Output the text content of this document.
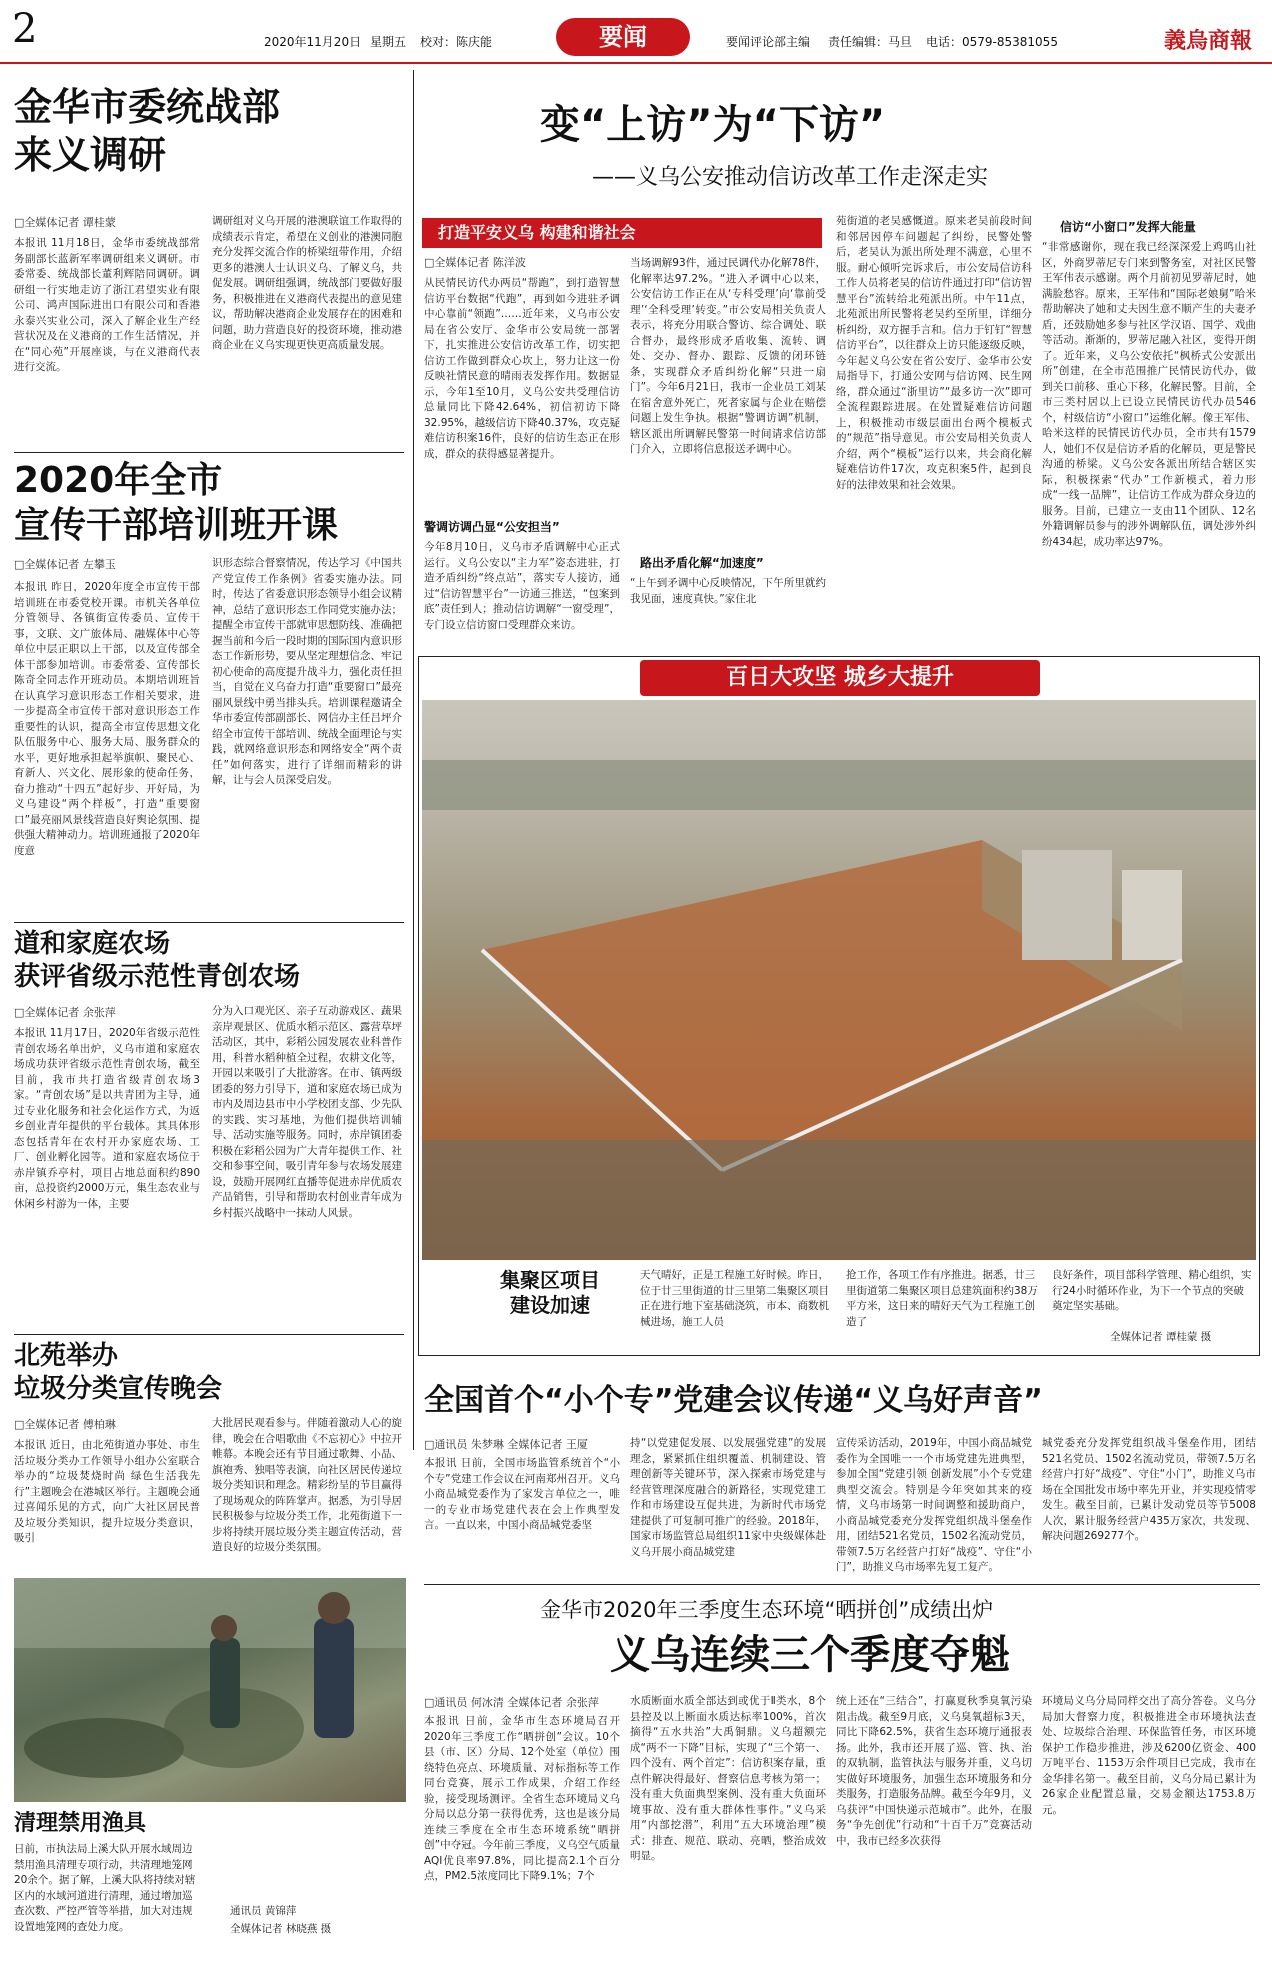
2	2020年11月20日 星期五 校对：陈庆能	要闻	要闻评论部主编 责任编辑：马旦 电话：0579-85381055	義烏商報
金华市委统战部
来义调研
□全媒体记者 谭桂蒙
本报讯 11月18日，金华市委统战部常务副部长蓝新军率调研组来义调研。市委常委、统战部长董利辉陪同调研。调研组一行实地走访了浙江君望实业有限公司、鸿声国际进出口有限公司和香港永泰兴实业公司，深入了解企业生产经营状况及在义港商的工作生活情况，并在“同心苑”开展座谈，与在义港商代表进行交流。
调研组对义乌开展的港澳联谊工作取得的成绩表示肯定，希望在义创业的港澳同胞充分发挥交流合作的桥梁纽带作用，介绍更多的港澳人士认识义乌、了解义乌，共促发展。调研组强调，统战部门要做好服务，积极推进在义港商代表提出的意见建议，帮助解决港商企业发展存在的困难和问题，助力营造良好的投资环境，推动港商企业在义乌实现更快更高质量发展。
2020年全市
宣传干部培训班开课
□全媒体记者 左攀玉
本报讯 昨日，2020年度全市宣传干部培训班在市委党校开课。市机关各单位分管领导、各镇街宣传委员、宣传干事，文联、文广旅体局、融媒体中心等单位中层正职以上干部，以及宣传部全体干部参加培训。市委常委、宣传部长陈奇全同志作开班动员。本期培训班旨在认真学习意识形态工作相关要求，进一步提高全市宣传干部对意识形态工作重要性的认识，提高全市宣传思想文化队伍服务中心、服务大局、服务群众的水平，更好地承担起举旗帜、聚民心、育新人、兴文化、展形象的使命任务，奋力推动“十四五”起好步、开好局，为义乌建设“两个样板”，打造“重要窗口”最亮丽风景线营造良好舆论氛围、提供强大精神动力。培训班通报了2020年度意
识形态综合督察情况，传达学习《中国共产党宣传工作条例》省委实施办法。同时，传达了省委意识形态领导小组会议精神，总结了意识形态工作同党实施办法；提醒全市宣传干部就审思想防线、准确把握当前和今后一段时期的国际国内意识形态工作新形势，要从坚定理想信念、牢记初心使命的高度提升战斗力，强化责任担当，自觉在义乌奋力打造“重要窗口”最亮丽风景线中勇当排头兵。培训课程邀请全华市委宣传部副部长、网信办主任吕坪介绍全市宣传干部培训、统战全面理论与实践，就网络意识形态和网络安全“两个责任”如何落实，进行了详细而精彩的讲解，让与会人员深受启发。
道和家庭农场
获评省级示范性青创农场
□全媒体记者 余张萍
本报讯 11月17日，2020年省级示范性青创农场名单出炉，义乌市道和家庭农场成功获评省级示范性青创农场，截至目前，我市共打造省级青创农场3家。“青创农场”是以共青团为主导，通过专业化服务和社会化运作方式，为返乡创业青年提供的平台载体。其具体形态包括青年在农村开办家庭农场、工厂、创业孵化园等。道和家庭农场位于赤岸镇乔亭村，项目占地总面积约890亩，总投资约2000万元，集生态农业与休闲乡村游为一体，主要
分为入口观光区、亲子互动游戏区、蔬果亲岸观景区、优质水稻示范区、露营草坪活动区，其中，彩稻公园发展农业科普作用，科普水稻种植全过程，农耕文化等，开园以来吸引了大批游客。在市、镇两级团委的努力引导下，道和家庭农场已成为市内及周边县市中小学校团支部、少先队的实践、实习基地，为他们提供培训辅导、活动实施等服务。同时，赤岸镇团委积极在彩稻公园为广大青年提供工作、社交和参事空间，吸引青年参与农场发展建设，鼓励开展网红直播等促进赤岸优质农产品销售，引导和帮助农村创业青年成为乡村振兴战略中一抹动人风景。
北苑举办
垃圾分类宣传晚会
□全媒体记者 傅柏琳
本报讯 近日，由北苑街道办事处、市生活垃圾分类办工作领导小组办公室联合举办的“垃圾焚烧时尚 绿色生活我先行”主题晚会在港城区举行。主题晚会通过喜闻乐见的方式，向广大社区居民普及垃圾分类知识，提升垃圾分类意识，吸引
大批居民观看参与。伴随着激动人心的旋律，晚会在合唱歌曲《不忘初心》中拉开帷幕。本晚会还有节目通过歌舞、小品、旗袍秀、独唱等表演，向社区居民传递垃圾分类知识和理念。精彩纷呈的节目赢得了现场观众的阵阵掌声。据悉，为引导居民积极参与垃圾分类工作，北苑街道下一步将持续开展垃圾分类主题宣传活动，营造良好的垃圾分类氛围。
清理禁用渔具
日前，市执法局上溪大队开展水域周边禁用渔具清理专项行动，共清理地笼网20余个。据了解，上溪大队将持续对辖区内的水域河道进行清理，通过增加巡查次数、严控严管等举措，加大对违规设置地笼网的查处力度。
通讯员 黄锦萍
全媒体记者 林晓燕 摄
变“上访”为“下访”
——义乌公安推动信访改革工作走深走实
打造平安义乌 构建和谐社会
□全媒体记者 陈洋波
从民情民访代办两员“帮跑”，到打造智慧信访平台数据“代跑”，再到如今进驻矛调中心靠前“领跑”……近年来，义乌市公安局在省公安厅、金华市公安局统一部署下，扎实推进公安信访改革工作，切实把信访工作做到群众心坎上，努力让这一份反映社情民意的晴雨表发挥作用。数据显示，今年1至10月，义乌公安共受理信访总量同比下降42.64%，初信初访下降32.95%，越级信访下降40.37%，攻克疑难信访积案16件，良好的信访生态正在形成，群众的获得感显著提升。
警调访调凸显“公安担当”
今年8月10日，义乌市矛盾调解中心正式运行。义乌公安以“主力军”姿态进驻，打造矛盾纠纷“终点站”，落实专人接访，通过“信访智慧平台”一访通三推送，“包案到底”责任到人；推动信访调解“一窗受理”，专门设立信访窗口受理群众来访。
当场调解93件，通过民调代办化解78件，化解率达97.2%。“进入矛调中心以来，公安信访工作正在从‘专科受理’向‘靠前受理’‘全科受理’转变。”市公安局相关负责人表示，将充分用联合警访、综合调处、联合督办，最终形成矛盾收集、流转、调处、交办、督办、跟踪、反馈的闭环链条，实现群众矛盾纠纷化解“只进一扇门”。今年6月21日，我市一企业员工刘某在宿舍意外死亡，死者家属与企业在赔偿问题上发生争执。根据“警调访调”机制，辖区派出所调解民警第一时间请求信访部门介入，立即将信息报送矛调中心。
路出矛盾化解“加速度”
“上午到矛调中心反映情况，下午所里就约我见面，速度真快。”家住北
苑街道的老吴感慨道。原来老吴前段时间和邻居因停车问题起了纠纷，民警处警后，老吴认为派出所处理不满意，心里不服。耐心倾听完诉求后，市公安局信访科工作人员将老吴的信访件通过打印“信访智慧平台”流转给北苑派出所。中午11点，北苑派出所民警将老吴约至所里，详细分析纠纷，双方握手言和。信力于钉钉“智慧信访平台”，以往群众上访只能逐级反映，今年起义乌公安在省公安厅、金华市公安局指导下，打通公安网与信访网、民生网络，群众通过“浙里访”“最多访一次”即可全流程跟踪进展。在处置疑难信访问题上，积极推动市级层面出台两个模板式的“规范”指导意见。市公安局相关负责人介绍，两个“模板”运行以来，共会商化解疑难信访件17次，攻克积案5件，起到良好的法律效果和社会效果。
信访“小窗口”发挥大能量
“非常感谢你，现在我已经深深爱上鸡鸣山社区，外商罗蒂尼专门来到警务室，对社区民警王军伟表示感谢。两个月前初见罗蒂尼时，她满脸愁容。原来，王军伟和“国际老娘舅”哈米帮助解决了她和丈夫因生意不顺产生的夫妻矛盾，还鼓励她多参与社区学汉语、国学、戏曲等活动。渐渐的，罗蒂尼融入社区，变得开朗了。近年来，义乌公安依托“枫桥式公安派出所”创建，在全市范围推广民情民访代办，做到关口前移、重心下移，化解民警。目前，全市三类村居以上已设立民情民访代办员546个，村级信访“小窗口”运维化解。像王军伟、哈米这样的民情民访代办员，全市共有1579人，她们不仅是信访矛盾的化解员，更是警民沟通的桥梁。义乌公安各派出所结合辖区实际，积极探索“代办”工作新模式，着力形成“一线一品牌”，让信访工作成为群众身边的服务。目前，已建立一支由11个团队、12名外籍调解员参与的涉外调解队伍，调处涉外纠纷434起，成功率达97%。
百日大攻坚 城乡大提升
集聚区项目
建设加速
天气晴好，正是工程施工好时候。昨日，位于廿三里街道的廿三里第二集聚区项目正在进行地下室基础浇筑，市本、商数机械进场，施工人员
抢工作，各项工作有序推进。据悉，廿三里街道第二集聚区项目总建筑面积约38万平方米，这日来的晴好天气为工程施工创造了
良好条件，项目部科学管理、精心组织，实行24小时循环作业，为下一个节点的突破奠定坚实基础。
全媒体记者 谭桂蒙 摄
全国首个“小个专”党建会议传递“义乌好声音”
□通讯员 朱梦琳 全媒体记者 王厦
本报讯 日前，全国市场监管系统首个“小个专”党建工作会议在河南郑州召开。义乌小商品城党委作为了家发言单位之一，唯一的专业市场党建代表在会上作典型发言。一直以来，中国小商品城党委坚
持“以党建促发展、以发展强党建”的发展理念，紧紧抓住组织覆盖、机制建设、管理创新等关键环节，深入探索市场党建与经营管理深度融合的新路径，实现党建工作和市场建设互促共进，为新时代市场党建提供了可复制可推广的经验。2018年，国家市场监管总局组织11家中央级媒体赴义乌开展小商品城党建
宣传采访活动，2019年，中国小商品城党委作为全国唯一一个市场党建先进典型，参加全国“党建引领 创新发展”小个专党建典型交流会。特别是今年突如其来的疫情，义乌市场第一时间调整和援助商户，小商品城党委充分发挥党组织战斗堡垒作用，团结521名党员，1502名流动党员，带领7.5万名经营户打好“战疫”、守住“小门”，助推义乌市场率先复工复产。
城党委充分发挥党组织战斗堡垒作用，团结521名党员、1502名流动党员，带领7.5万名经营户打好“战疫”、守住“小门”，助推义乌市场在全国批发市场中率先开业，并实现疫情零发生。截至目前，已累计发动党员等节5008人次，累计服务经营户435万家次，共发现、解决问题269277个。
金华市2020年三季度生态环境“晒拼创”成绩出炉
义乌连续三个季度夺魁
□通讯员 何冰清 全媒体记者 余张萍
本报讯 日前，金华市生态环境局召开2020年三季度工作“晒拼创”会议。10个县（市、区）分局、12个处室（单位）围绕特色亮点、环境质量、对标指标等工作同台竞赛，展示工作成果，介绍工作经验，接受现场测评。全省生态环境局义乌分局以总分第一获得优秀，这也是该分局连续三季度在全市生态环境系统“晒拼创”中夺冠。今年前三季度，义乌空气质量AQI优良率97.8%，同比提高2.1个百分点，PM2.5浓度同比下降9.1%；7个
水质断面水质全部达到或优于Ⅱ类水，8个县控及以上断面水质达标率100%，首次摘得“五水共治”大禹铜鼎。义乌超额完成“两不一下降”目标，实现了“三个第一、四个没有、两个首定”：信访积案存量，重点件解决得最好、督察信息考核为第一；没有重大负面典型案例、没有重大负面环境事故、没有重大群体性事件。”义乌采用“内部挖潜”，利用“五大环境治理”模式：排查、规范、联动、亮晒，整治成效明显。
统上还在“三结合”，打赢夏秋季臭氧污染阻击战。截至9月底，义乌臭氧超标3天，同比下降62.5%，获省生态环境厅通报表扬。此外，我市还开展了巡、管、执、治的双轨制，监管执法与服务并重，义乌切实做好环境服务，加强生态环境服务和分类服务，打造服务品牌。截至今年9月，义乌获评“中国快递示范城市”。此外，在服务“争先创优”行动和“十百千万”竞赛活动中，我市已经多次获得
环境局义乌分局同样交出了高分答卷。义乌分局加大督察力度，积极推进全市环境执法查处、垃圾综合治理、环保监管任务，市区环境保护工作稳步推进，涉及6200亿资金、400万吨平台、1153万余件项目已完成，我市在金华排名第一。截至目前，义乌分局已累计为26家企业配置总量，交易金额达1753.8万元。
